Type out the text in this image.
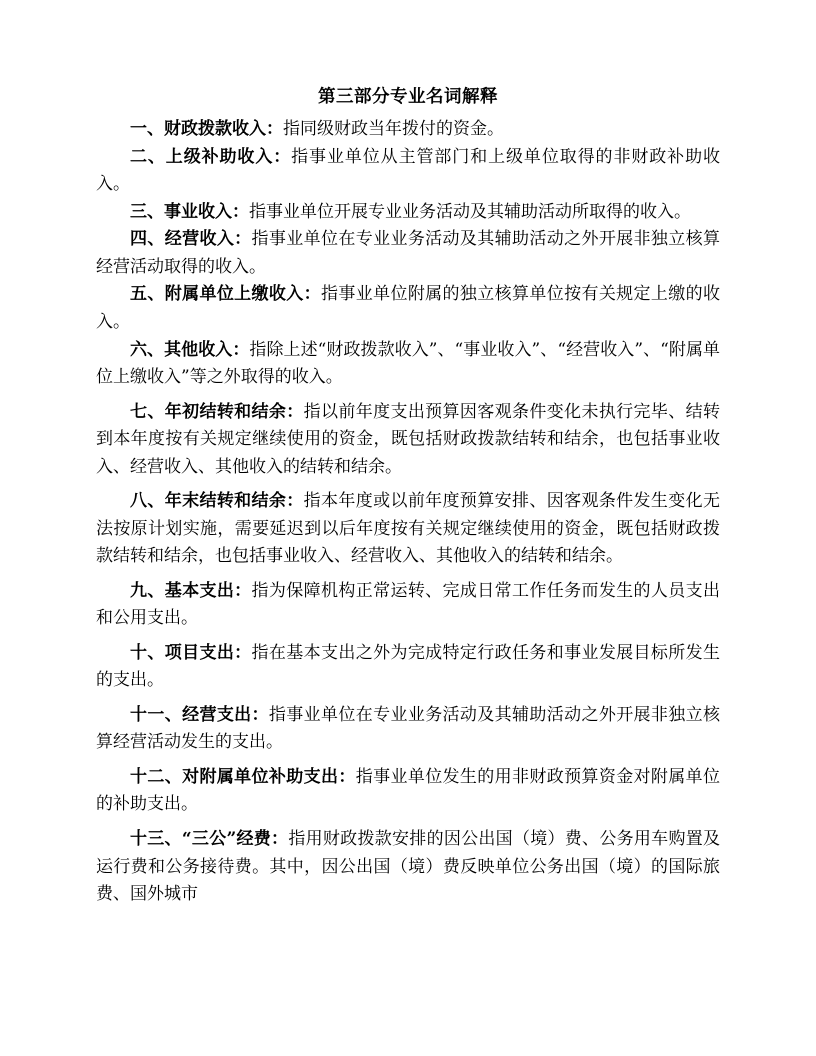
第三部分专业名词解释

一、财政拨款收入：指同级财政当年拨付的资金。

二、上级补助收入：指事业单位从主管部门和上级单位取得的非财政补助收入。

三、事业收入：指事业单位开展专业业务活动及其辅助活动所取得的收入。

四、经营收入：指事业单位在专业业务活动及其辅助活动之外开展非独立核算经营活动取得的收入。

五、附属单位上缴收入：指事业单位附属的独立核算单位按有关规定上缴的收入。

六、其他收入：指除上述“财政拨款收入”、“事业收入”、“经营收入”、“附属单位上缴收入”等之外取得的收入。

七、年初结转和结余：指以前年度支出预算因客观条件变化未执行完毕、结转到本年度按有关规定继续使用的资金，既包括财政拨款结转和结余，也包括事业收入、经营收入、其他收入的结转和结余。

八、年末结转和结余：指本年度或以前年度预算安排、因客观条件发生变化无法按原计划实施，需要延迟到以后年度按有关规定继续使用的资金，既包括财政拨款结转和结余，也包括事业收入、经营收入、其他收入的结转和结余。

九、基本支出：指为保障机构正常运转、完成日常工作任务而发生的人员支出和公用支出。

十、项目支出：指在基本支出之外为完成特定行政任务和事业发展目标所发生的支出。

十一、经营支出：指事业单位在专业业务活动及其辅助活动之外开展非独立核算经营活动发生的支出。

十二、对附属单位补助支出：指事业单位发生的用非财政预算资金对附属单位的补助支出。

十三、“三公”经费：指用财政拨款安排的因公出国（境）费、公务用车购置及运行费和公务接待费。其中，因公出国（境）费反映单位公务出国（境）的国际旅费、国外城市
